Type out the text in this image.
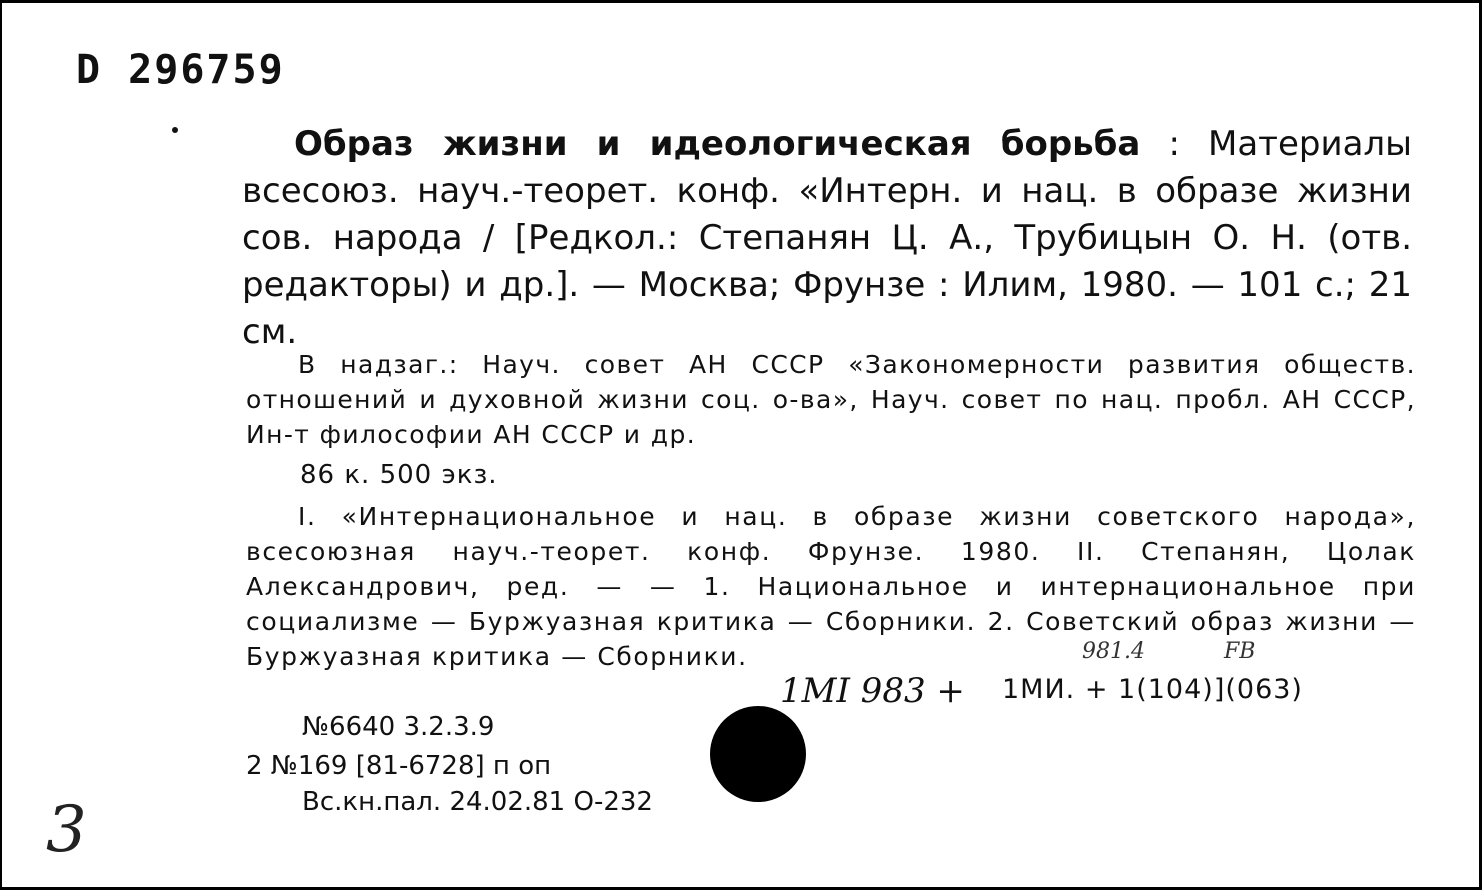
D 296759
Образ жизни и идеологическая борьба : Материалы всесоюз. науч.-теорет. конф. «Интерн. и нац. в образе жизни сов. народа / [Редкол.: Степанян Ц. А., Трубицын О. Н. (отв. редакторы) и др.]. — Москва; Фрунзе : Илим, 1980. — 101 с.; 21 см.
В надзаг.: Науч. совет АН СССР «Закономерности развития обществ. отношений и духовной жизни соц. о-ва», Науч. совет по нац. пробл. АН СССР, Ин-т философии АН СССР и др.
86 к. 500 экз.
I. «Интернациональное и нац. в образе жизни советского народа», всесоюзная науч.-теорет. конф. Фрунзе. 1980. II. Степанян, Цолак Александрович, ред. — — 1. Национальное и интернациональное при социализме — Буржуазная критика — Сборники. 2. Советский образ жизни — Буржуазная критика — Сборники.	981.4	FB
1MI 983 + 1МИ. + 1(104)](063)
№6640 3.2.3.9
2 №169 [81-6728] п оп
Вс.кн.пал. 24.02.81 О-232
3
